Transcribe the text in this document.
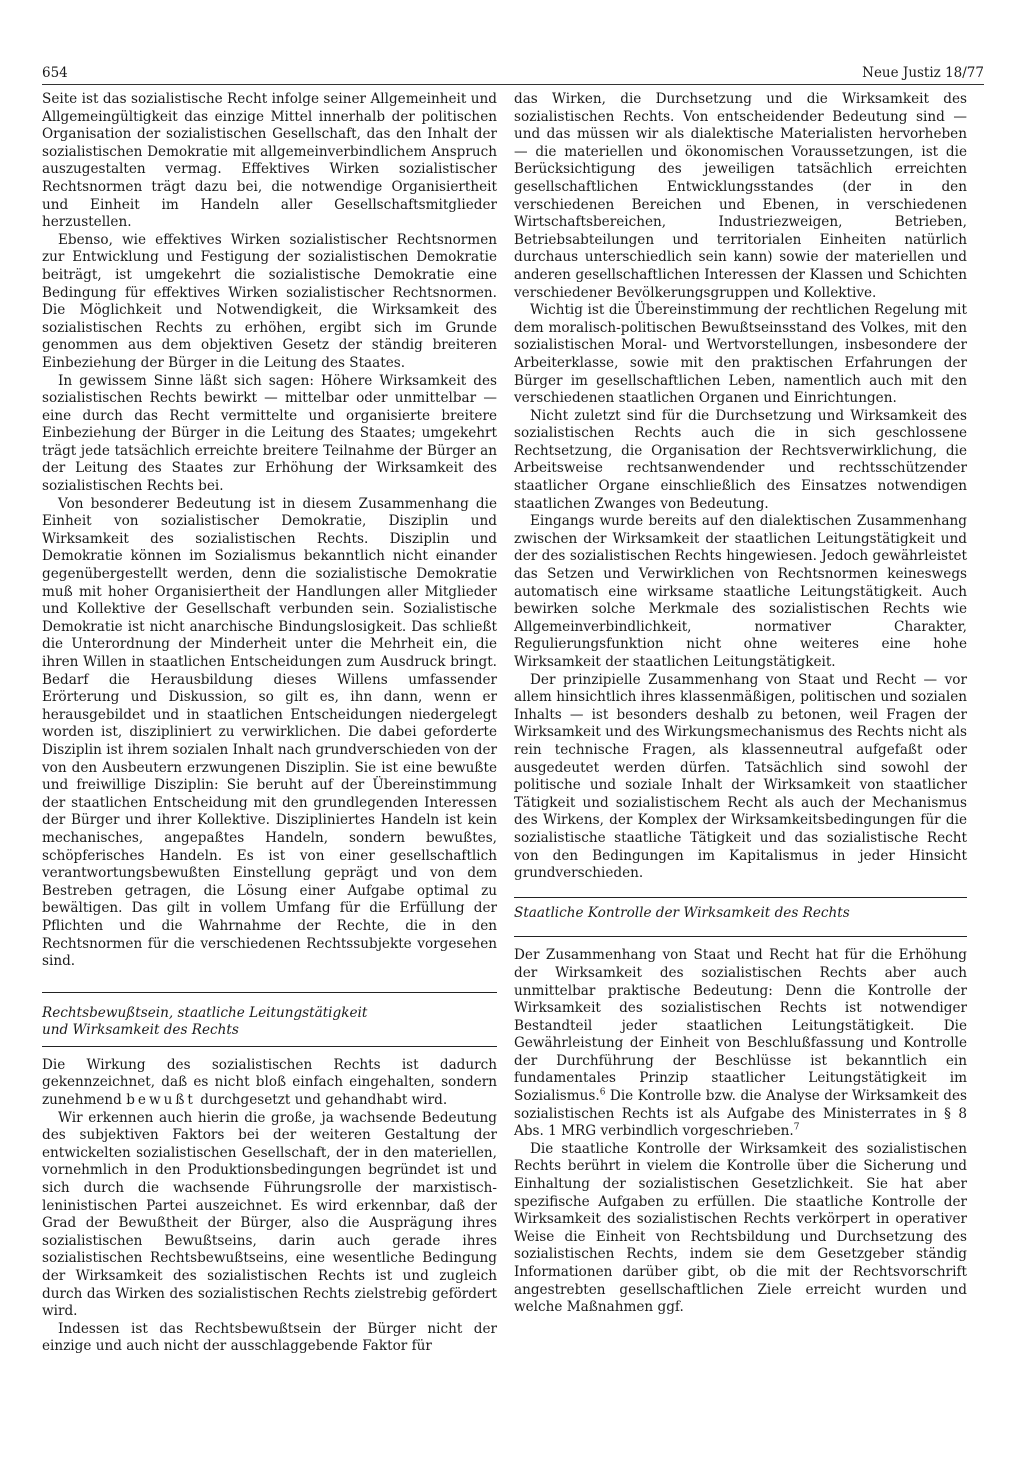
654	Neue Justiz 18/77

Seite ist das sozialistische Recht infolge seiner Allgemeinheit und Allgemeingültigkeit das einzige Mittel innerhalb der politischen Organisation der sozialistischen Gesellschaft, das den Inhalt der sozialistischen Demokratie mit allgemeinverbindlichem Anspruch auszugestalten vermag. Effektives Wirken sozialistischer Rechtsnormen trägt dazu bei, die notwendige Organisiertheit und Einheit im Handeln aller Gesellschaftsmitglieder herzustellen.

Ebenso, wie effektives Wirken sozialistischer Rechtsnormen zur Entwicklung und Festigung der sozialistischen Demokratie beiträgt, ist umgekehrt die sozialistische Demokratie eine Bedingung für effektives Wirken sozialistischer Rechtsnormen. Die Möglichkeit und Notwendigkeit, die Wirksamkeit des sozialistischen Rechts zu erhöhen, ergibt sich im Grunde genommen aus dem objektiven Gesetz der ständig breiteren Einbeziehung der Bürger in die Leitung des Staates.

In gewissem Sinne läßt sich sagen: Höhere Wirksamkeit des sozialistischen Rechts bewirkt — mittelbar oder unmittelbar — eine durch das Recht vermittelte und organisierte breitere Einbeziehung der Bürger in die Leitung des Staates; umgekehrt trägt jede tatsächlich erreichte breitere Teilnahme der Bürger an der Leitung des Staates zur Erhöhung der Wirksamkeit des sozialistischen Rechts bei.

Von besonderer Bedeutung ist in diesem Zusammenhang die Einheit von sozialistischer Demokratie, Disziplin und Wirksamkeit des sozialistischen Rechts. Disziplin und Demokratie können im Sozialismus bekanntlich nicht einander gegenübergestellt werden, denn die sozialistische Demokratie muß mit hoher Organisiertheit der Handlungen aller Mitglieder und Kollektive der Gesellschaft verbunden sein. Sozialistische Demokratie ist nicht anarchische Bindungslosigkeit. Das schließt die Unterordnung der Minderheit unter die Mehrheit ein, die ihren Willen in staatlichen Entscheidungen zum Ausdruck bringt. Bedarf die Herausbildung dieses Willens umfassender Erörterung und Diskussion, so gilt es, ihn dann, wenn er herausgebildet und in staatlichen Entscheidungen niedergelegt worden ist, diszipliniert zu verwirklichen. Die dabei geforderte Disziplin ist ihrem sozialen Inhalt nach grundverschieden von der von den Ausbeutern erzwungenen Disziplin. Sie ist eine bewußte und freiwillige Disziplin: Sie beruht auf der Übereinstimmung der staatlichen Entscheidung mit den grundlegenden Interessen der Bürger und ihrer Kollektive. Diszipliniertes Handeln ist kein mechanisches, angepaßtes Handeln, sondern bewußtes, schöpferisches Handeln. Es ist von einer gesellschaftlich verantwortungsbewußten Einstellung geprägt und von dem Bestreben getragen, die Lösung einer Aufgabe optimal zu bewältigen. Das gilt in vollem Umfang für die Erfüllung der Pflichten und die Wahrnahme der Rechte, die in den Rechtsnormen für die verschiedenen Rechtssubjekte vorgesehen sind.

Rechtsbewußtsein, staatliche Leitungstätigkeit
und Wirksamkeit des Rechts

Die Wirkung des sozialistischen Rechts ist dadurch gekennzeichnet, daß es nicht bloß einfach eingehalten, sondern zunehmend bewußt durchgesetzt und gehandhabt wird.

Wir erkennen auch hierin die große, ja wachsende Bedeutung des subjektiven Faktors bei der weiteren Gestaltung der entwickelten sozialistischen Gesellschaft, der in den materiellen, vornehmlich in den Produktionsbedingungen begründet ist und sich durch die wachsende Führungsrolle der marxistisch-leninistischen Partei auszeichnet. Es wird erkennbar, daß der Grad der Bewußtheit der Bürger, also die Ausprägung ihres sozialistischen Bewußtseins, darin auch gerade ihres sozialistischen Rechtsbewußtseins, eine wesentliche Bedingung der Wirksamkeit des sozialistischen Rechts ist und zugleich durch das Wirken des sozialistischen Rechts zielstrebig gefördert wird.

Indessen ist das Rechtsbewußtsein der Bürger nicht der einzige und auch nicht der ausschlaggebende Faktor für

das Wirken, die Durchsetzung und die Wirksamkeit des sozialistischen Rechts. Von entscheidender Bedeutung sind — und das müssen wir als dialektische Materialisten hervorheben — die materiellen und ökonomischen Voraussetzungen, ist die Berücksichtigung des jeweiligen tatsächlich erreichten gesellschaftlichen Entwicklungsstandes (der in den verschiedenen Bereichen und Ebenen, in verschiedenen Wirtschaftsbereichen, Industriezweigen, Betrieben, Betriebsabteilungen und territorialen Einheiten natürlich durchaus unterschiedlich sein kann) sowie der materiellen und anderen gesellschaftlichen Interessen der Klassen und Schichten verschiedener Bevölkerungsgruppen und Kollektive.

Wichtig ist die Übereinstimmung der rechtlichen Regelung mit dem moralisch-politischen Bewußtseinsstand des Volkes, mit den sozialistischen Moral- und Wertvorstellungen, insbesondere der Arbeiterklasse, sowie mit den praktischen Erfahrungen der Bürger im gesellschaftlichen Leben, namentlich auch mit den verschiedenen staatlichen Organen und Einrichtungen.

Nicht zuletzt sind für die Durchsetzung und Wirksamkeit des sozialistischen Rechts auch die in sich geschlossene Rechtsetzung, die Organisation der Rechtsverwirklichung, die Arbeitsweise rechtsanwendender und rechtsschützender staatlicher Organe einschließlich des Einsatzes notwendigen staatlichen Zwanges von Bedeutung.

Eingangs wurde bereits auf den dialektischen Zusammenhang zwischen der Wirksamkeit der staatlichen Leitungstätigkeit und der des sozialistischen Rechts hingewiesen. Jedoch gewährleistet das Setzen und Verwirklichen von Rechtsnormen keineswegs automatisch eine wirksame staatliche Leitungstätigkeit. Auch bewirken solche Merkmale des sozialistischen Rechts wie Allgemeinverbindlichkeit, normativer Charakter, Regulierungsfunktion nicht ohne weiteres eine hohe Wirksamkeit der staatlichen Leitungstätigkeit.

Der prinzipielle Zusammenhang von Staat und Recht — vor allem hinsichtlich ihres klassenmäßigen, politischen und sozialen Inhalts — ist besonders deshalb zu betonen, weil Fragen der Wirksamkeit und des Wirkungsmechanismus des Rechts nicht als rein technische Fragen, als klassenneutral aufgefaßt oder ausgedeutet werden dürfen. Tatsächlich sind sowohl der politische und soziale Inhalt der Wirksamkeit von staatlicher Tätigkeit und sozialistischem Recht als auch der Mechanismus des Wirkens, der Komplex der Wirksamkeitsbedingungen für die sozialistische staatliche Tätigkeit und das sozialistische Recht von den Bedingungen im Kapitalismus in jeder Hinsicht grundverschieden.

Staatliche Kontrolle der Wirksamkeit des Rechts

Der Zusammenhang von Staat und Recht hat für die Erhöhung der Wirksamkeit des sozialistischen Rechts aber auch unmittelbar praktische Bedeutung: Denn die Kontrolle der Wirksamkeit des sozialistischen Rechts ist notwendiger Bestandteil jeder staatlichen Leitungstätigkeit. Die Gewährleistung der Einheit von Beschlußfassung und Kontrolle der Durchführung der Beschlüsse ist bekanntlich ein fundamentales Prinzip staatlicher Leitungstätigkeit im Sozialismus.$^6$ Die Kontrolle bzw. die Analyse der Wirksamkeit des sozialistischen Rechts ist als Aufgabe des Ministerrates in § 8 Abs. 1 MRG verbindlich vorgeschrieben.$^7$

Die staatliche Kontrolle der Wirksamkeit des sozialistischen Rechts berührt in vielem die Kontrolle über die Sicherung und Einhaltung der sozialistischen Gesetzlichkeit. Sie hat aber spezifische Aufgaben zu erfüllen. Die staatliche Kontrolle der Wirksamkeit des sozialistischen Rechts verkörpert in operativer Weise die Einheit von Rechtsbildung und Durchsetzung des sozialistischen Rechts, indem sie dem Gesetzgeber ständig Informationen darüber gibt, ob die mit der Rechtsvorschrift angestrebten gesellschaftlichen Ziele erreicht wurden und welche Maßnahmen ggf.
